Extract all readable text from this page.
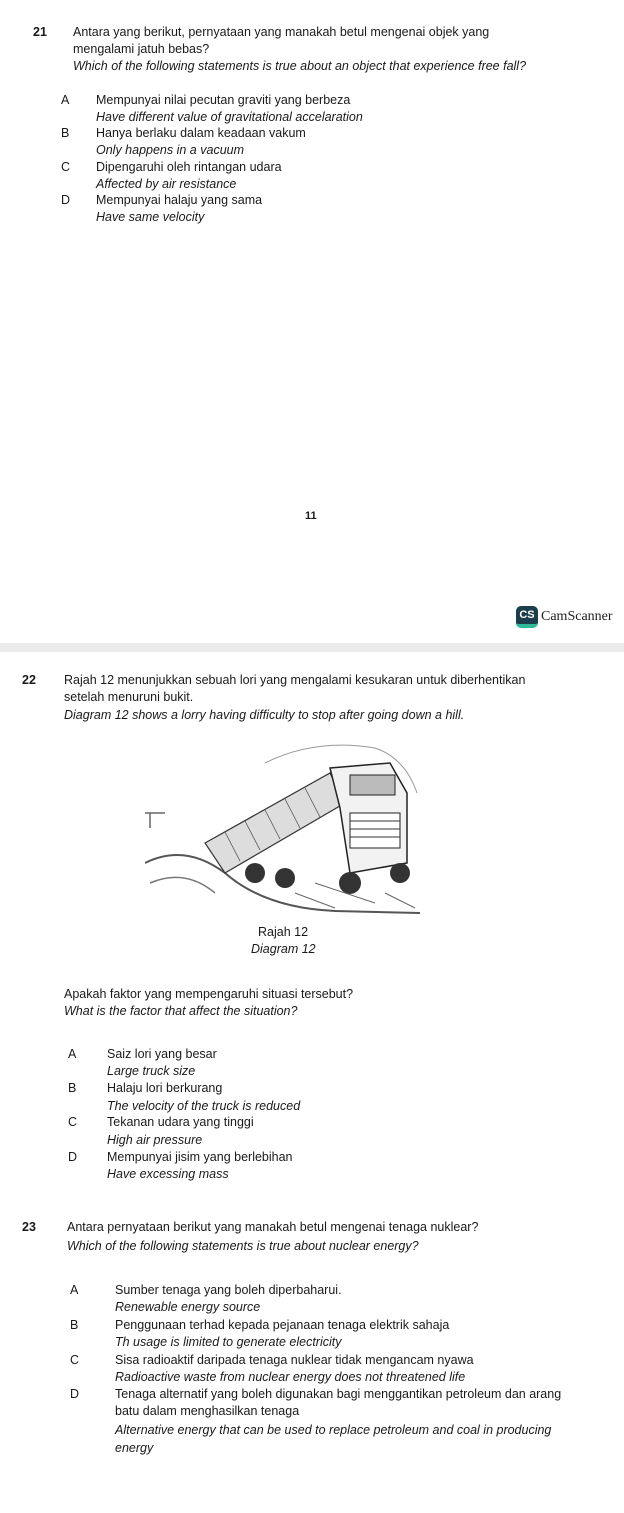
21 Antara yang berikut, pernyataan yang manakah betul mengenai objek yang
mengalami jatuh bebas?
Which of the following statements is true about an object that experience free fall?
A Mempunyai nilai pecutan graviti yang berbeza
Have different value of gravitational accelaration
B Hanya berlaku dalam keadaan vakum
Only happens in a vacuum
C Dipengaruhi oleh rintangan udara
Affected by air resistance
D Mempunyai halaju yang sama
Have same velocity
11
CS CamScanner
22 Rajah 12 menunjukkan sebuah lori yang mengalami kesukaran untuk diberhentikan
setelah menuruni bukit.
Diagram 12 shows a lorry having difficulty to stop after going down a hill.
Rajah 12
Diagram 12
Apakah faktor yang mempengaruhi situasi tersebut?
What is the factor that affect the situation?
A Saiz lori yang besar
Large truck size
B Halaju lori berkurang
The velocity of the truck is reduced
C Tekanan udara yang tinggi
High air pressure
D Mempunyai jisim yang berlebihan
Have excessing mass
23 Antara pernyataan berikut yang manakah betul mengenai tenaga nuklear?
Which of the following statements is true about nuclear energy?
A	Sumber tenaga yang boleh diperbaharui.
Renewable energy source
B	Penggunaan terhad kepada pejanaan tenaga elektrik sahaja
Th usage is limited to generate electricity
C	Sisa radioaktif daripada tenaga nuklear tidak mengancam nyawa
Radioactive waste from nuclear energy does not threatened life
D	Tenaga alternatif yang boleh digunakan bagi menggantikan petroleum dan arang
batu dalam menghasilkan tenaga
Alternative energy that can be used to replace petroleum and coal in producing
energy
